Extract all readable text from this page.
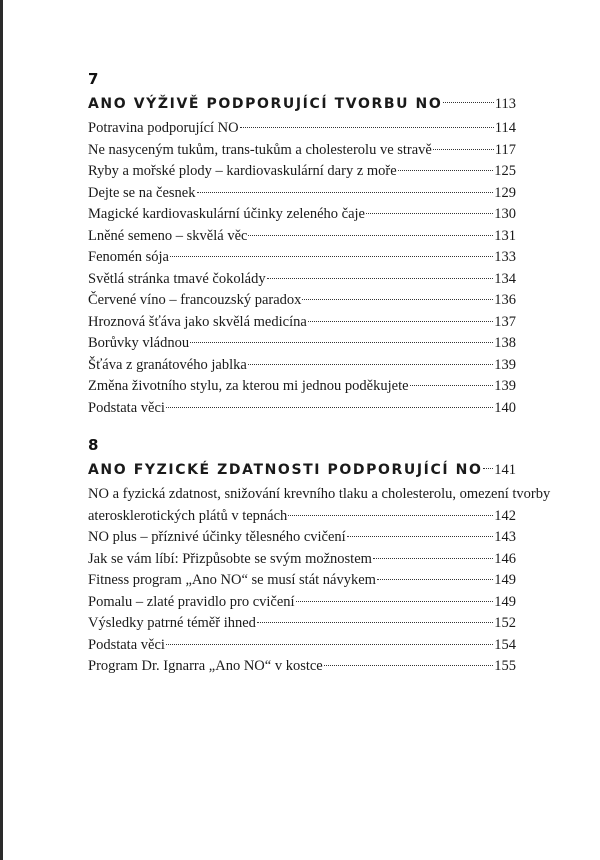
7
ANO VÝŽIVĚ PODPORUJÍCÍ TVORBU NO	113
Potravina podporující NO	114
Ne nasyceným tukům, trans-tukům a cholesterolu ve stravě	117
Ryby a mořské plody – kardiovaskulární dary z moře	125
Dejte se na česnek	129
Magické kardiovaskulární účinky zeleného čaje	130
Lněné semeno – skvělá věc	131
Fenomén sója	133
Světlá stránka tmavé čokolády	134
Červené víno – francouzský paradox	136
Hroznová šťáva jako skvělá medicína	137
Borůvky vládnou	138
Šťáva z granátového jablka	139
Změna životního stylu, za kterou mi jednou poděkujete	139
Podstata věci	140
8
ANO FYZICKÉ ZDATNOSTI PODPORUJÍCÍ NO 141
NO a fyzická zdatnost, snižování krevního tlaku a cholesterolu, omezení tvorby
aterosklerotických plátů v tepnách	142
NO plus – příznivé účinky tělesného cvičení	143
Jak se vám líbí: Přizpůsobte se svým možnostem	146
Fitness program „Ano NO“ se musí stát návykem	149
Pomalu – zlaté pravidlo pro cvičení	149
Výsledky patrné téměř ihned	152
Podstata věci	154
Program Dr. Ignarra „Ano NO“ v kostce	155
